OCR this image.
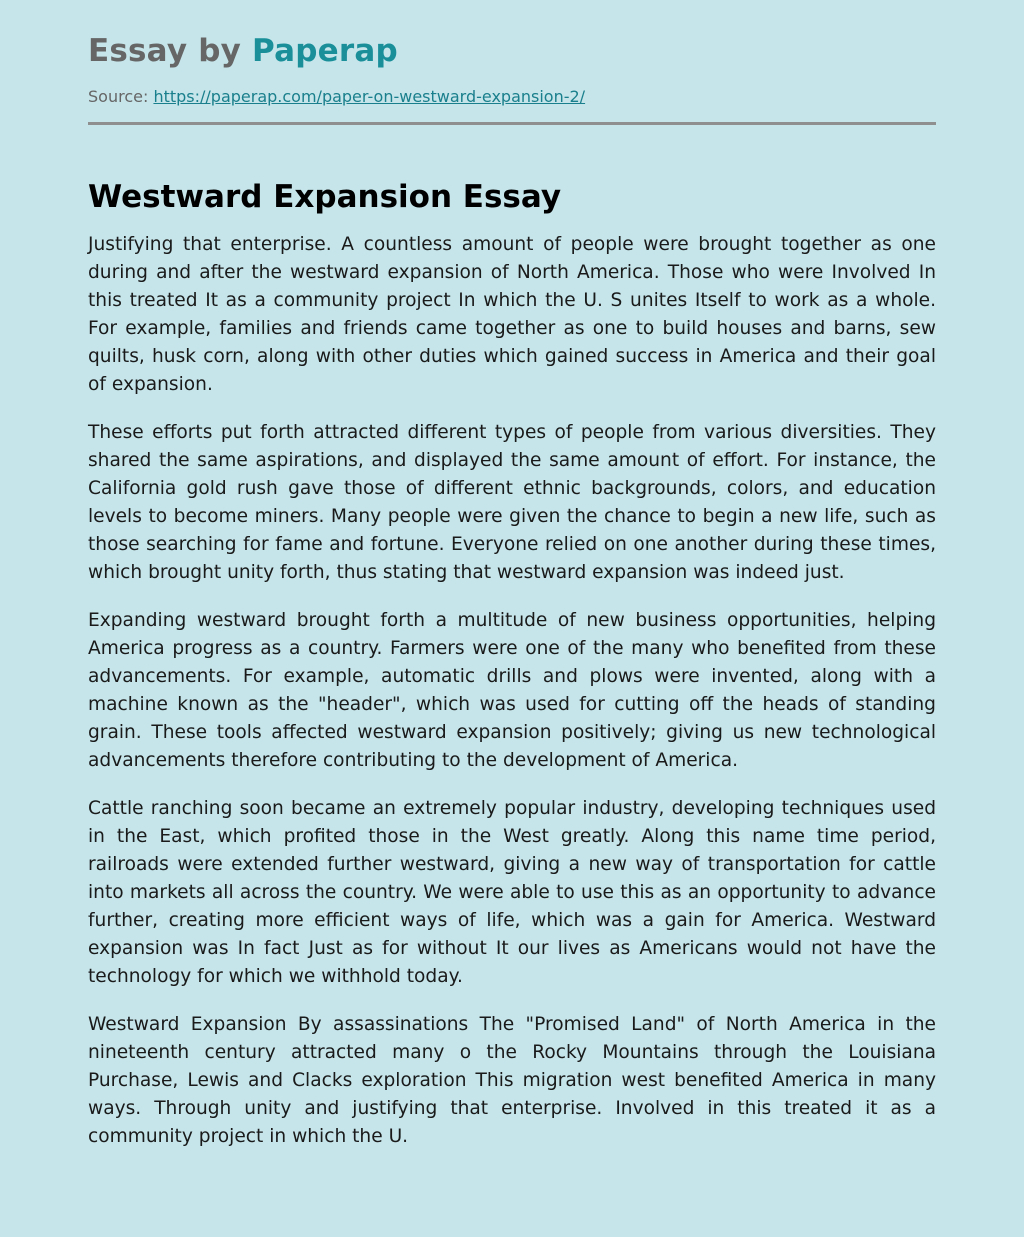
Essay by Paperap
Source: https://paperap.com/paper-on-westward-expansion-2/
Westward Expansion Essay

Justifying that enterprise. A countless amount of people were brought together as one during and after the westward expansion of North America. Those who were Involved In this treated It as a community project In which the U. S unites Itself to work as a whole. For example, families and friends came together as one to build houses and barns, sew quilts, husk corn, along with other duties which gained success in America and their goal of expansion.

These efforts put forth attracted different types of people from various diversities. They shared the same aspirations, and displayed the same amount of effort. For instance, the California gold rush gave those of different ethnic backgrounds, colors, and education levels to become miners. Many people were given the chance to begin a new life, such as those searching for fame and fortune. Everyone relied on one another during these times, which brought unity forth, thus stating that westward expansion was indeed just.

Expanding westward brought forth a multitude of new business opportunities, helping America progress as a country. Farmers were one of the many who benefited from these advancements. For example, automatic drills and plows were invented, along with a machine known as the "header", which was used for cutting off the heads of standing grain. These tools affected westward expansion positively; giving us new technological advancements therefore contributing to the development of America.

Cattle ranching soon became an extremely popular industry, developing techniques used in the East, which profited those in the West greatly. Along this name time period, railroads were extended further westward, giving a new way of transportation for cattle into markets all across the country. We were able to use this as an opportunity to advance further, creating more efficient ways of life, which was a gain for America. Westward expansion was In fact Just as for without It our lives as Americans would not have the technology for which we withhold today.

Westward Expansion By assassinations The "Promised Land" of North America in the nineteenth century attracted many o the Rocky Mountains through the Louisiana Purchase, Lewis and Clacks exploration This migration west benefited America in many ways. Through unity and justifying that enterprise. Involved in this treated it as a community project in which the U.
